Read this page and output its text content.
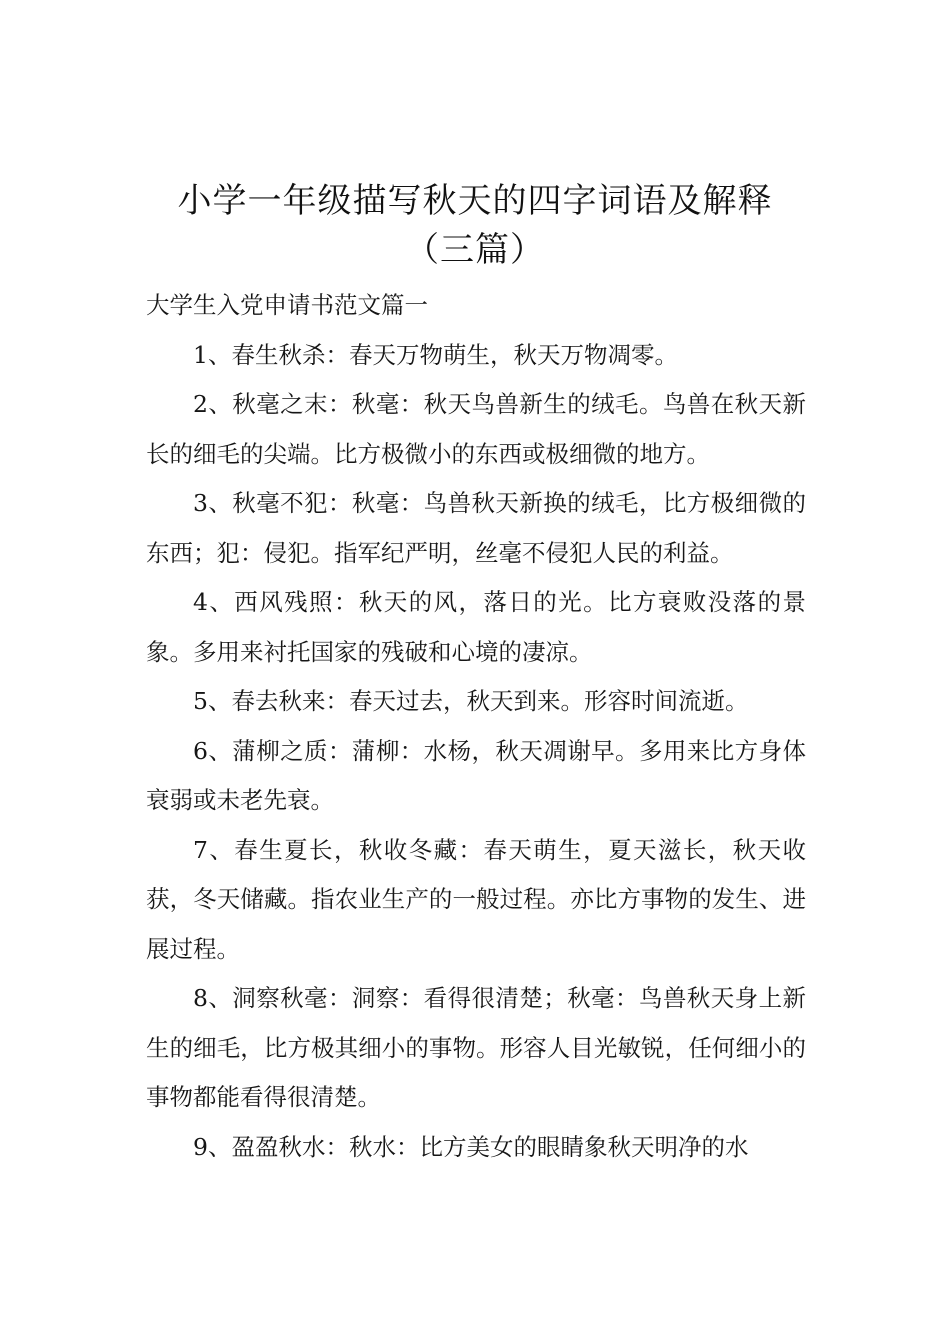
小学一年级描写秋天的四字词语及解释
（三篇）

大学生入党申请书范文篇一

1、春生秋杀：春天万物萌生，秋天万物凋零。

2、秋毫之末：秋毫：秋天鸟兽新生的绒毛。鸟兽在秋天新长的细毛的尖端。比方极微小的东西或极细微的地方。

3、秋毫不犯：秋毫：鸟兽秋天新换的绒毛，比方极细微的东西；犯：侵犯。指军纪严明，丝毫不侵犯人民的利益。

4、西风残照：秋天的风，落日的光。比方衰败没落的景象。多用来衬托国家的残破和心境的凄凉。

5、春去秋来：春天过去，秋天到来。形容时间流逝。

6、蒲柳之质：蒲柳：水杨，秋天凋谢早。多用来比方身体衰弱或未老先衰。

7、春生夏长，秋收冬藏：春天萌生，夏天滋长，秋天收获，冬天储藏。指农业生产的一般过程。亦比方事物的发生、进展过程。

8、洞察秋毫：洞察：看得很清楚；秋毫：鸟兽秋天身上新生的细毛，比方极其细小的事物。形容人目光敏锐，任何细小的事物都能看得很清楚。

9、盈盈秋水：秋水：比方美女的眼睛象秋天明净的水
